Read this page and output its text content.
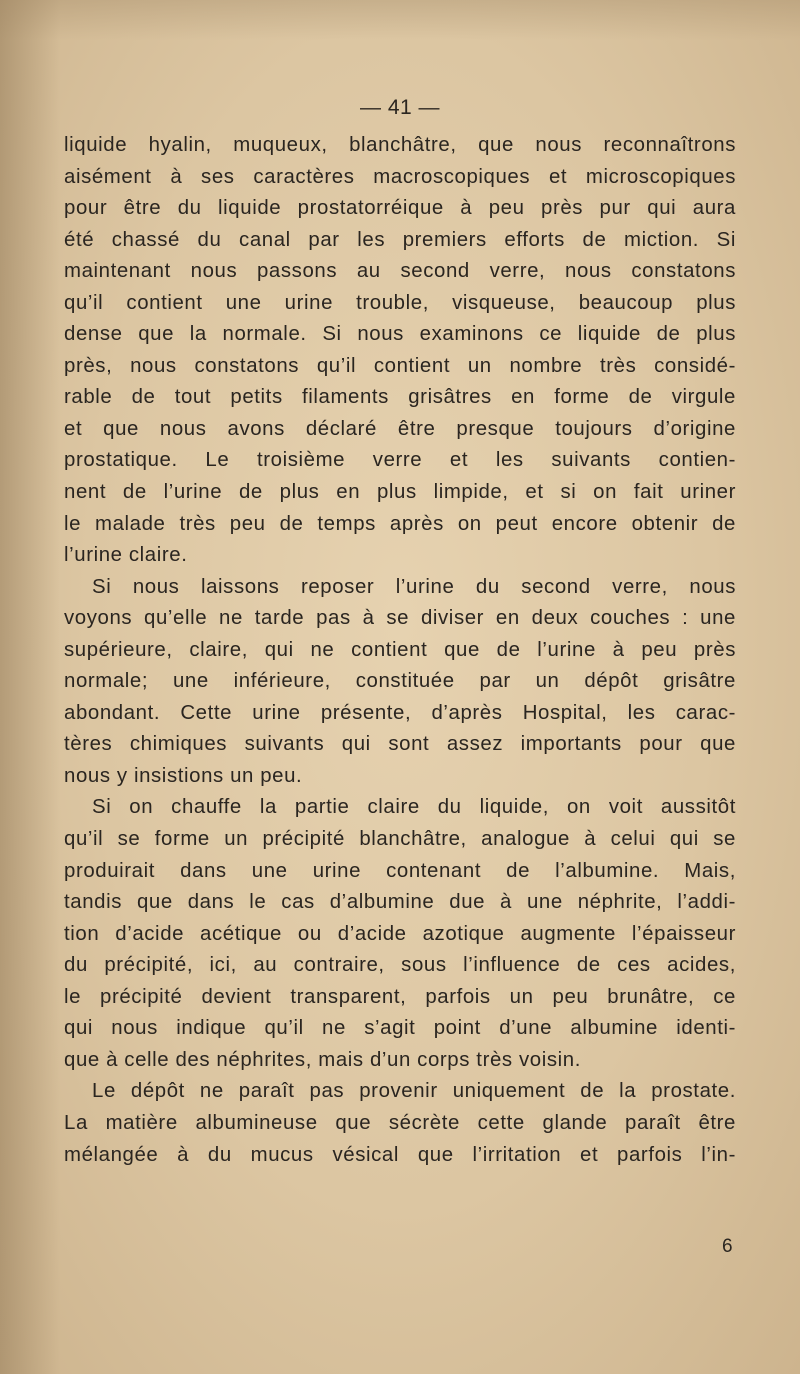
— 41 —
liquide hyalin, muqueux, blanchâtre, que nous reconnaîtrons
aisément à ses caractères macroscopiques et microscopiques
pour être du liquide prostatorréique à peu près pur qui aura
été chassé du canal par les premiers efforts de miction. Si
maintenant nous passons au second verre, nous constatons
qu’il contient une urine trouble, visqueuse, beaucoup plus
dense que la normale. Si nous examinons ce liquide de plus
près, nous constatons qu’il contient un nombre très considé-
rable de tout petits filaments grisâtres en forme de virgule
et que nous avons déclaré être presque toujours d’origine
prostatique. Le troisième verre et les suivants contien-
nent de l’urine de plus en plus limpide, et si on fait uriner
le malade très peu de temps après on peut encore obtenir de
l’urine claire.
Si nous laissons reposer l’urine du second verre, nous
voyons qu’elle ne tarde pas à se diviser en deux couches : une
supérieure, claire, qui ne contient que de l’urine à peu près
normale; une inférieure, constituée par un dépôt grisâtre
abondant. Cette urine présente, d’après Hospital, les carac-
tères chimiques suivants qui sont assez importants pour que
nous y insistions un peu.
Si on chauffe la partie claire du liquide, on voit aussitôt
qu’il se forme un précipité blanchâtre, analogue à celui qui se
produirait dans une urine contenant de l’albumine. Mais,
tandis que dans le cas d’albumine due à une néphrite, l’addi-
tion d’acide acétique ou d’acide azotique augmente l’épaisseur
du précipité, ici, au contraire, sous l’influence de ces acides,
le précipité devient transparent, parfois un peu brunâtre, ce
qui nous indique qu’il ne s’agit point d’une albumine identi-
que à celle des néphrites, mais d’un corps très voisin.
Le dépôt ne paraît pas provenir uniquement de la prostate.
La matière albumineuse que sécrète cette glande paraît être
mélangée à du mucus vésical que l’irritation et parfois l’in-
6
